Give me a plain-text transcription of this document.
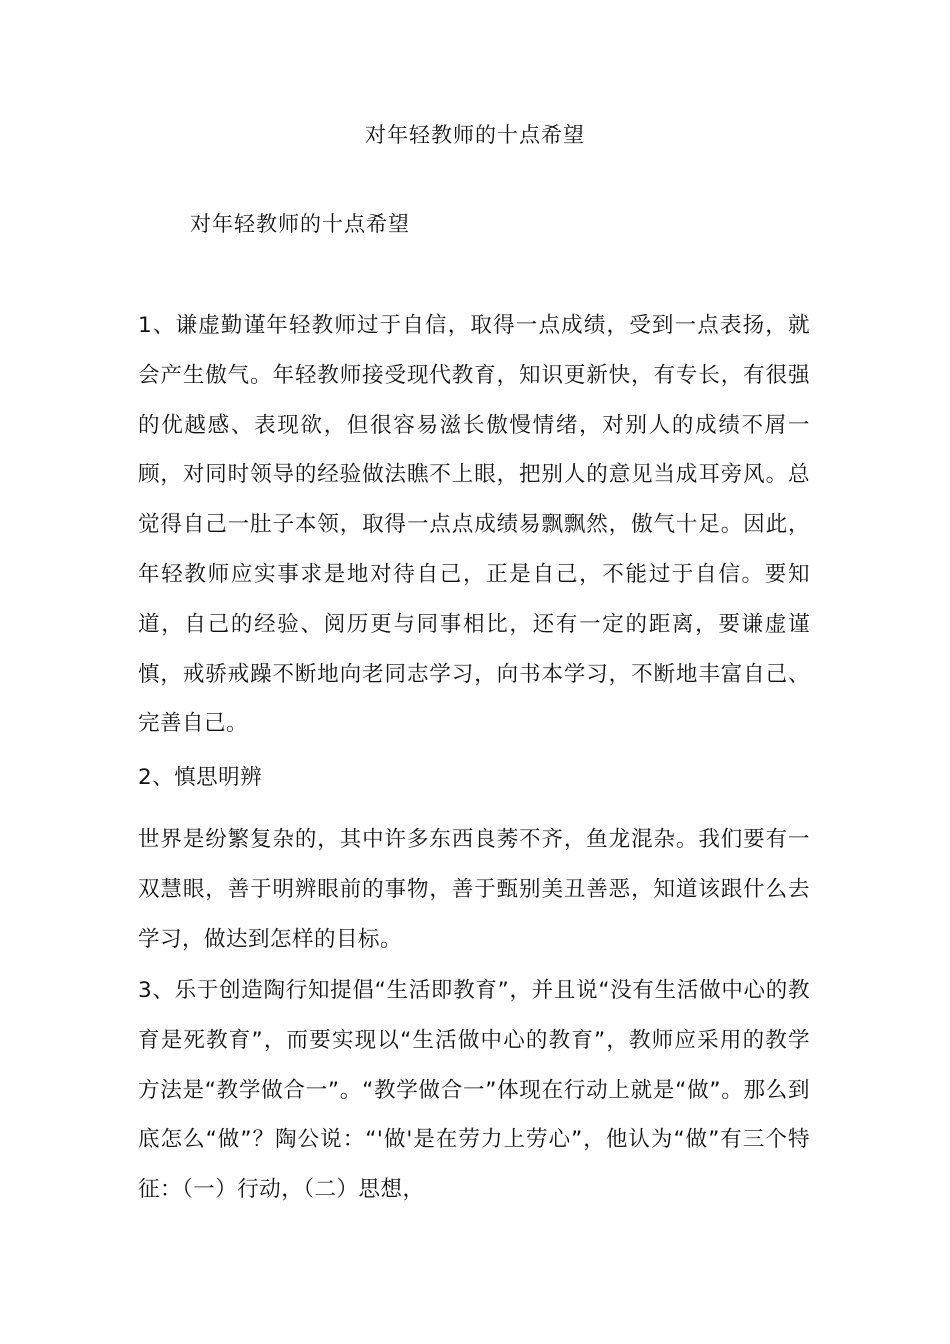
对年轻教师的十点希望
对年轻教师的十点希望

1、谦虚勤谨年轻教师过于自信，取得一点成绩，受到一点表扬，就会产生傲气。年轻教师接受现代教育，知识更新快，有专长，有很强的优越感、表现欲，但很容易滋长傲慢情绪，对别人的成绩不屑一顾，对同时领导的经验做法瞧不上眼，把别人的意见当成耳旁风。总觉得自己一肚子本领，取得一点点成绩易飘飘然，傲气十足。因此，年轻教师应实事求是地对待自己，正是自己，不能过于自信。要知道，自己的经验、阅历更与同事相比，还有一定的距离，要谦虚谨慎，戒骄戒躁不断地向老同志学习，向书本学习，不断地丰富自己、完善自己。

2、慎思明辨

世界是纷繁复杂的，其中许多东西良莠不齐，鱼龙混杂。我们要有一双慧眼，善于明辨眼前的事物，善于甄别美丑善恶，知道该跟什么去学习，做达到怎样的目标。

3、乐于创造陶行知提倡“生活即教育”，并且说“没有生活做中心的教育是死教育”，而要实现以“生活做中心的教育”，教师应采用的教学方法是“教学做合一”。“教学做合一”体现在行动上就是“做”。那么到底怎么“做”？陶公说：“'做'是在劳力上劳心”，他认为“做”有三个特征：（一）行动，（二）思想，
